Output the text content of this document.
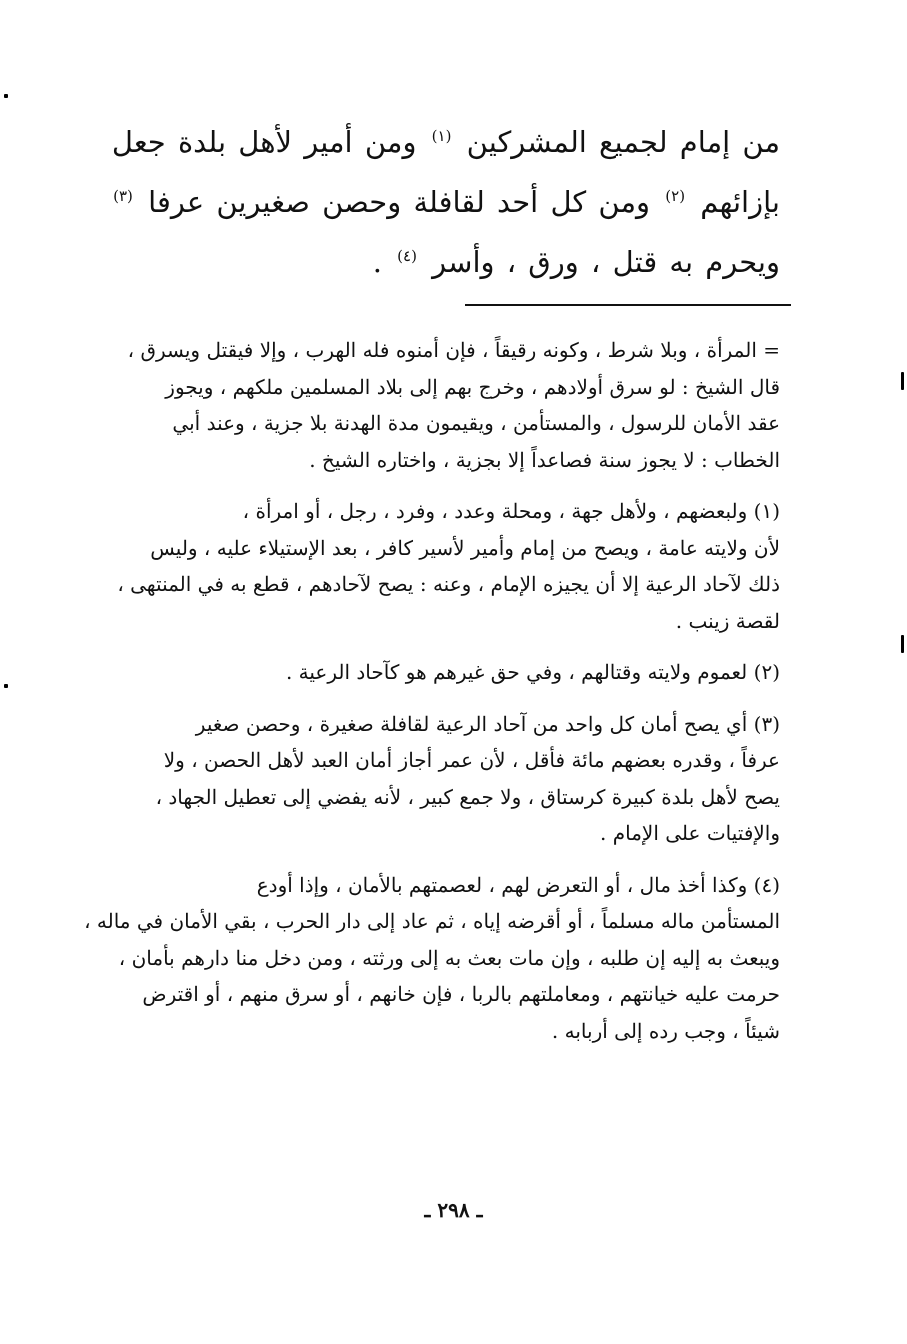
من إمام لجميع المشركين $^{(١)}$ ومن أمير لأهل بلدة جعل
بإزائهم $^{(٢)}$ ومن كل أحد لقافلة وحصن صغيرين عرفا $^{(٣)}$
ويحرم به قتل ، ورق ، وأسر $^{(٤)}$ .
= المرأة ، وبلا شرط ، وكونه رقيقاً ، فإن أمنوه فله الهرب ، وإلا فيقتل ويسرق ،
قال الشيخ : لو سرق أولادهم ، وخرج بهم إلى بلاد المسلمين ملكهم ، ويجوز
عقد الأمان للرسول ، والمستأمن ، ويقيمون مدة الهدنة بلا جزية ، وعند أبي
الخطاب : لا يجوز سنة فصاعداً إلا بجزية ، واختاره الشيخ .
(١) ولبعضهم ، ولأهل جهة ، ومحلة وعدد ، وفرد ، رجل ، أو امرأة ،
لأن ولايته عامة ، ويصح من إمام وأمير لأسير كافر ، بعد الإستيلاء عليه ، وليس
ذلك لآحاد الرعية إلا أن يجيزه الإمام ، وعنه : يصح لآحادهم ، قطع به في المنتهى ،
لقصة زينب .
(٢) لعموم ولايته وقتالهم ، وفي حق غيرهم هو كآحاد الرعية .
(٣) أي يصح أمان كل واحد من آحاد الرعية لقافلة صغيرة ، وحصن صغير
عرفاً ، وقدره بعضهم مائة فأقل ، لأن عمر أجاز أمان العبد لأهل الحصن ، ولا
يصح لأهل بلدة كبيرة كرستاق ، ولا جمع كبير ، لأنه يفضي إلى تعطيل الجهاد ،
والإفتيات على الإمام .
(٤) وكذا أخذ مال ، أو التعرض لهم ، لعصمتهم بالأمان ، وإذا أودع
المستأمن ماله مسلماً ، أو أقرضه إياه ، ثم عاد إلى دار الحرب ، بقي الأمان في ماله ،
ويبعث به إليه إن طلبه ، وإن مات بعث به إلى ورثته ، ومن دخل منا دارهم بأمان ،
حرمت عليه خيانتهم ، ومعاملتهم بالربا ، فإن خانهم ، أو سرق منهم ، أو اقترض
شيئاً ، وجب رده إلى أربابه .
ـ ٢٩٨ ـ
